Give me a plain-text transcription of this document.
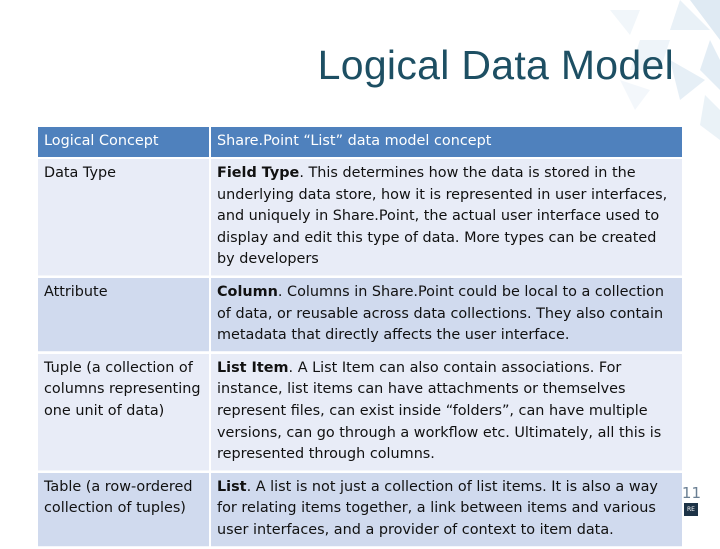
Logical Data Model
Logical Concept	Share.Point “List” data model concept
Data Type	Field Type. This determines how the data is stored in the underlying data store, how it is represented in user interfaces, and uniquely in Share.Point, the actual user interface used to display and edit this type of data. More types can be created by developers
Attribute	Column. Columns in Share.Point could be local to a collection of data, or reusable across data collections. They also contain metadata that directly affects the user interface.
Tuple (a collection of columns representing one unit of data)	List Item. A List Item can also contain associations. For instance, list items can have attachments or themselves represent files, can exist inside “folders”, can have multiple versions, can go through a workflow etc. Ultimately, all this is represented through columns.
Table (a row-ordered collection of tuples)	List. A list is not just a collection of list items. It is also a way for relating items together, a link between items and various user interfaces, and a provider of context to item data.
11
RE
